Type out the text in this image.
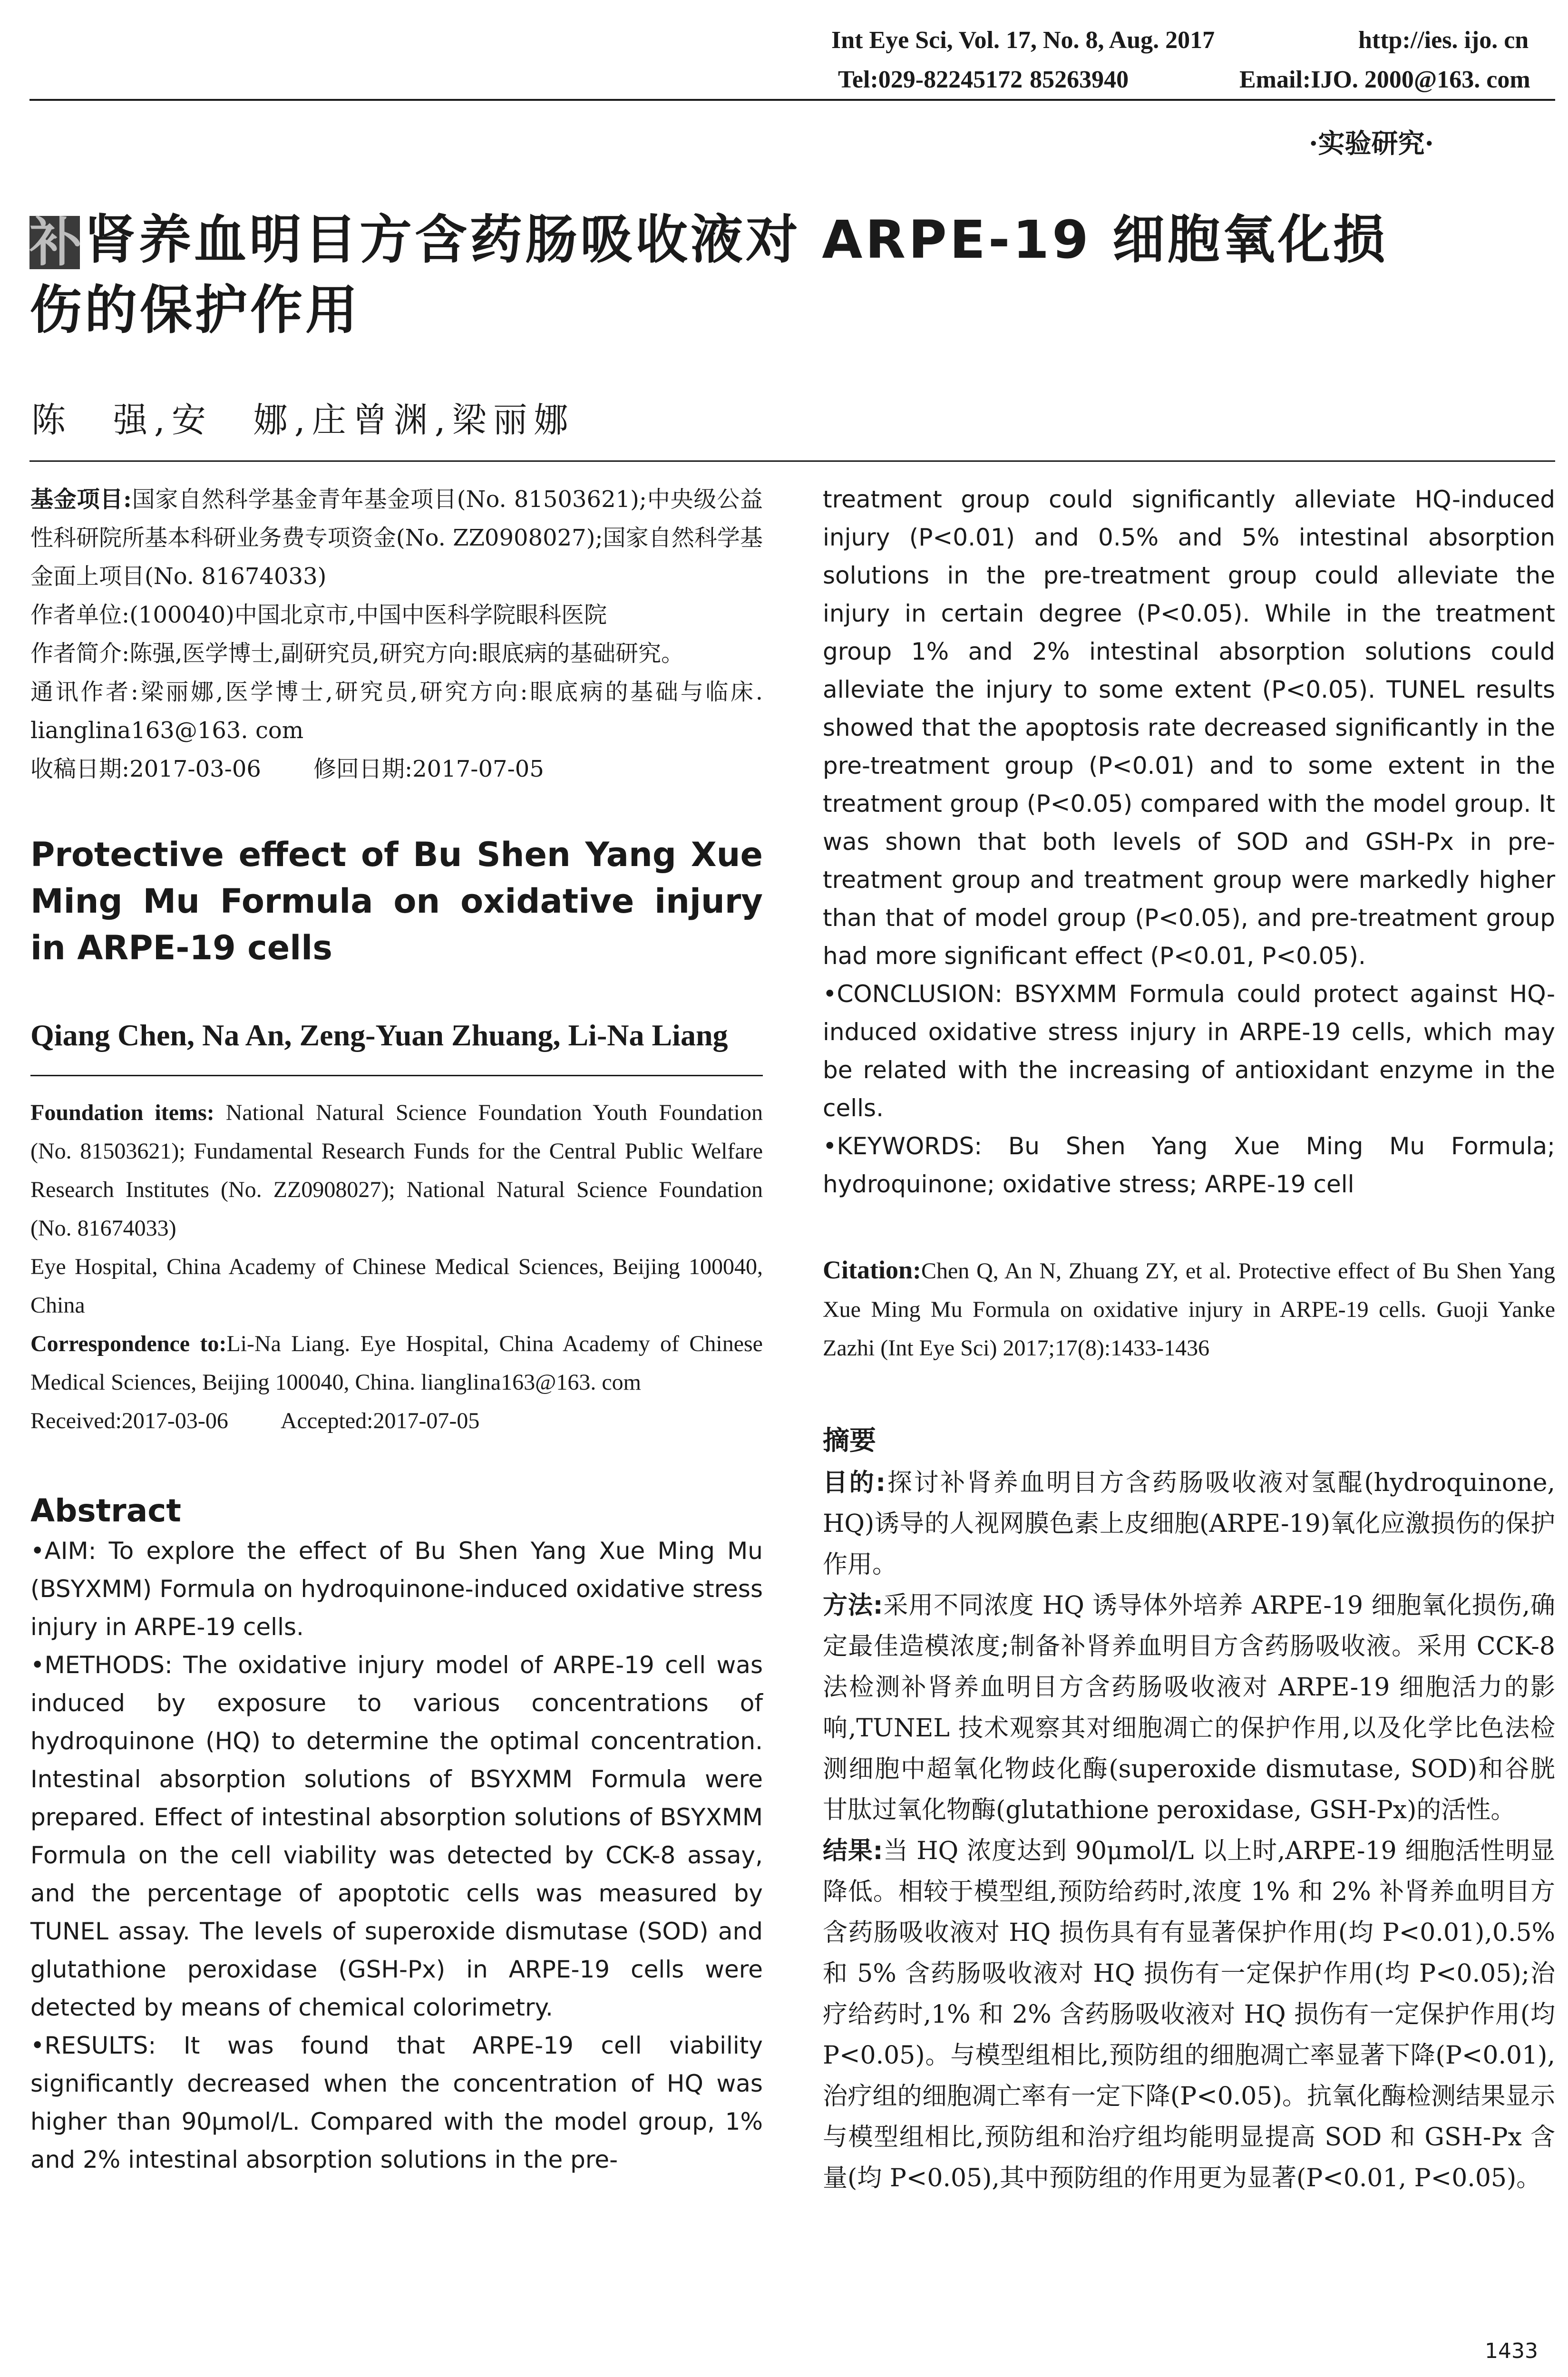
Int Eye Sci, Vol. 17, No. 8, Aug. 2017	http://ies. ijo. cn
Tel:029-82245172 85263940	Email:IJO. 2000@163. com
·实验研究·
补肾养血明目方含药肠吸收液对 ARPE-19 细胞氧化损
伤的保护作用
陈　强,安　娜,庄曾渊,梁丽娜

基金项目:国家自然科学基金青年基金项目(No. 81503621);中央级公益性科研院所基本科研业务费专项资金(No. ZZ0908027);国家自然科学基金面上项目(No. 81674033)

作者单位:(100040)中国北京市,中国中医科学院眼科医院

作者简介:陈强,医学博士,副研究员,研究方向:眼底病的基础研究。

通讯作者:梁丽娜,医学博士,研究员,研究方向:眼底病的基础与临床. lianglina163@163. com

收稿日期:2017-03-06 修回日期:2017-07-05

Protective effect of Bu Shen Yang Xue Ming Mu Formula on oxidative injury in ARPE-19 cells
Qiang Chen, Na An, Zeng-Yuan Zhuang, Li-Na Liang

Foundation items: National Natural Science Foundation Youth Foundation (No. 81503621); Fundamental Research Funds for the Central Public Welfare Research Institutes (No. ZZ0908027); National Natural Science Foundation (No. 81674033)

Eye Hospital, China Academy of Chinese Medical Sciences, Beijing 100040, China

Correspondence to:Li-Na Liang. Eye Hospital, China Academy of Chinese Medical Sciences, Beijing 100040, China. lianglina163@163. com

Received:2017-03-06 Accepted:2017-07-05

Abstract

•AIM: To explore the effect of Bu Shen Yang Xue Ming Mu (BSYXMM) Formula on hydroquinone-induced oxidative stress injury in ARPE-19 cells.

•METHODS: The oxidative injury model of ARPE-19 cell was induced by exposure to various concentrations of hydroquinone (HQ) to determine the optimal concentration. Intestinal absorption solutions of BSYXMM Formula were prepared. Effect of intestinal absorption solutions of BSYXMM Formula on the cell viability was detected by CCK-8 assay, and the percentage of apoptotic cells was measured by TUNEL assay. The levels of superoxide dismutase (SOD) and glutathione peroxidase (GSH-Px) in ARPE-19 cells were detected by means of chemical colorimetry.

•RESULTS: It was found that ARPE-19 cell viability significantly decreased when the concentration of HQ was higher than 90μmol/L. Compared with the model group, 1% and 2% intestinal absorption solutions in the pre-

treatment group could significantly alleviate HQ-induced injury (P<0.01) and 0.5% and 5% intestinal absorption solutions in the pre-treatment group could alleviate the injury in certain degree (P<0.05). While in the treatment group 1% and 2% intestinal absorption solutions could alleviate the injury to some extent (P<0.05). TUNEL results showed that the apoptosis rate decreased significantly in the pre-treatment group (P<0.01) and to some extent in the treatment group (P<0.05) compared with the model group. It was shown that both levels of SOD and GSH-Px in pre-treatment group and treatment group were markedly higher than that of model group (P<0.05), and pre-treatment group had more significant effect (P<0.01, P<0.05).

•CONCLUSION: BSYXMM Formula could protect against HQ-induced oxidative stress injury in ARPE-19 cells, which may be related with the increasing of antioxidant enzyme in the cells.

•KEYWORDS: Bu Shen Yang Xue Ming Mu Formula; hydroquinone; oxidative stress; ARPE-19 cell

Citation:Chen Q, An N, Zhuang ZY, et al. Protective effect of Bu Shen Yang Xue Ming Mu Formula on oxidative injury in ARPE-19 cells. Guoji Yanke Zazhi (Int Eye Sci) 2017;17(8):1433-1436
摘要

目的:探讨补肾养血明目方含药肠吸收液对氢醌(hydroquinone, HQ)诱导的人视网膜色素上皮细胞(ARPE-19)氧化应激损伤的保护作用。

方法:采用不同浓度 HQ 诱导体外培养 ARPE-19 细胞氧化损伤,确定最佳造模浓度;制备补肾养血明目方含药肠吸收液。采用 CCK-8 法检测补肾养血明目方含药肠吸收液对 ARPE-19 细胞活力的影响,TUNEL 技术观察其对细胞凋亡的保护作用,以及化学比色法检测细胞中超氧化物歧化酶(superoxide dismutase, SOD)和谷胱甘肽过氧化物酶(glutathione peroxidase, GSH-Px)的活性。

结果:当 HQ 浓度达到 90μmol/L 以上时,ARPE-19 细胞活性明显降低。相较于模型组,预防给药时,浓度 1% 和 2% 补肾养血明目方含药肠吸收液对 HQ 损伤具有有显著保护作用(均 P<0.01),0.5% 和 5% 含药肠吸收液对 HQ 损伤有一定保护作用(均 P<0.05);治疗给药时,1% 和 2% 含药肠吸收液对 HQ 损伤有一定保护作用(均 P<0.05)。与模型组相比,预防组的细胞凋亡率显著下降(P<0.01),治疗组的细胞凋亡率有一定下降(P<0.05)。抗氧化酶检测结果显示与模型组相比,预防组和治疗组均能明显提高 SOD 和 GSH-Px 含量(均 P<0.05),其中预防组的作用更为显著(P<0.01, P<0.05)。

1433
